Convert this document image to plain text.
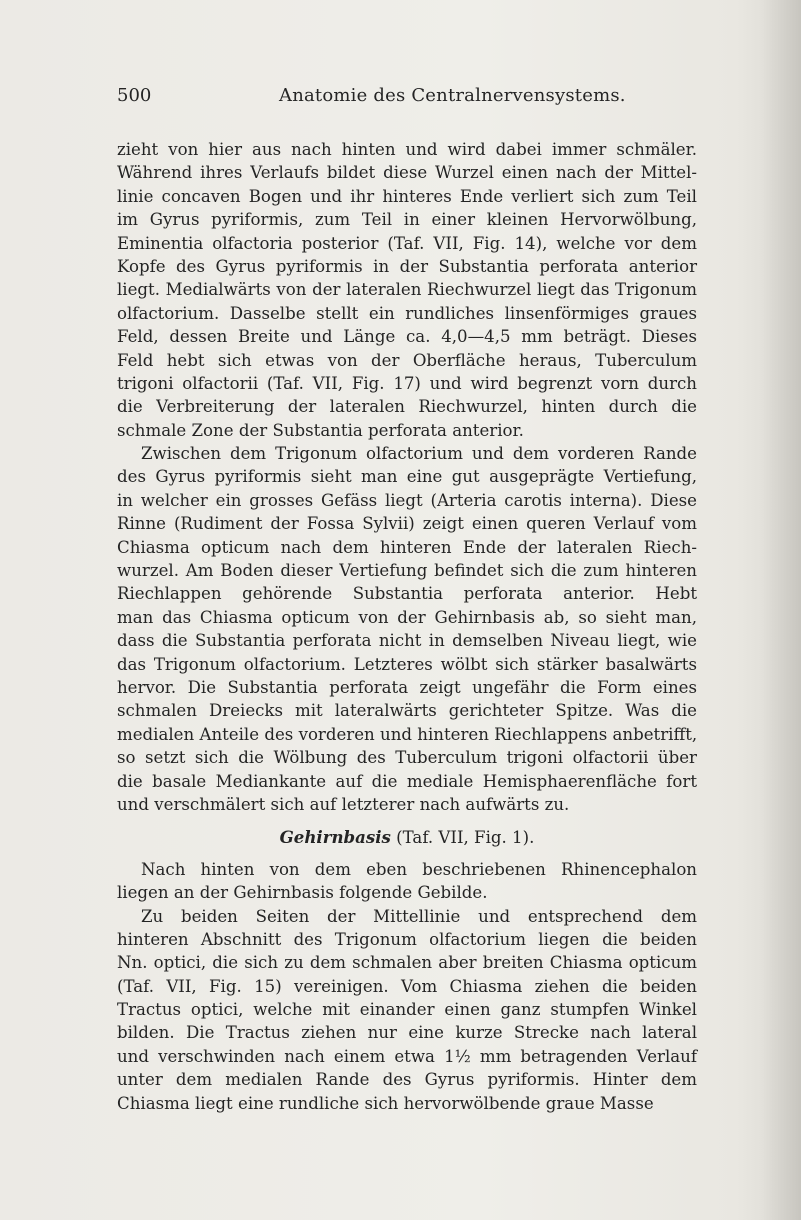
500	Anatomie des Centralnervensystems.
zieht von hier aus nach hinten und wird dabei immer schmäler.
Während ihres Verlaufs bildet diese Wurzel einen nach der Mittel-
linie concaven Bogen und ihr hinteres Ende verliert sich zum Teil
im Gyrus pyriformis, zum Teil in einer kleinen Hervorwölbung,
Eminentia olfactoria posterior (Taf. VII, Fig. 14), welche vor dem
Kopfe des Gyrus pyriformis in der Substantia perforata anterior
liegt. Medialwärts von der lateralen Riechwurzel liegt das Trigonum
olfactorium. Dasselbe stellt ein rundliches linsenförmiges graues
Feld, dessen Breite und Länge ca. 4,0—4,5 mm beträgt. Dieses
Feld hebt sich etwas von der Oberfläche heraus, Tuberculum
trigoni olfactorii (Taf. VII, Fig. 17) und wird begrenzt vorn durch
die Verbreiterung der lateralen Riechwurzel, hinten durch die
schmale Zone der Substantia perforata anterior.
Zwischen dem Trigonum olfactorium und dem vorderen Rande
des Gyrus pyriformis sieht man eine gut ausgeprägte Vertiefung,
in welcher ein grosses Gefäss liegt (Arteria carotis interna). Diese
Rinne (Rudiment der Fossa Sylvii) zeigt einen queren Verlauf vom
Chiasma opticum nach dem hinteren Ende der lateralen Riech-
wurzel. Am Boden dieser Vertiefung befindet sich die zum hinteren
Riechlappen gehörende Substantia perforata anterior. Hebt
man das Chiasma opticum von der Gehirnbasis ab, so sieht man,
dass die Substantia perforata nicht in demselben Niveau liegt, wie
das Trigonum olfactorium. Letzteres wölbt sich stärker basalwärts
hervor. Die Substantia perforata zeigt ungefähr die Form eines
schmalen Dreiecks mit lateralwärts gerichteter Spitze. Was die
medialen Anteile des vorderen und hinteren Riechlappens anbetrifft,
so setzt sich die Wölbung des Tuberculum trigoni olfactorii über
die basale Mediankante auf die mediale Hemisphaerenfläche fort
und verschmälert sich auf letzterer nach aufwärts zu.
Gehirnbasis (Taf. VII, Fig. 1).
Nach hinten von dem eben beschriebenen Rhinencephalon
liegen an der Gehirnbasis folgende Gebilde.
Zu beiden Seiten der Mittellinie und entsprechend dem
hinteren Abschnitt des Trigonum olfactorium liegen die beiden
Nn. optici, die sich zu dem schmalen aber breiten Chiasma opticum
(Taf. VII, Fig. 15) vereinigen. Vom Chiasma ziehen die beiden
Tractus optici, welche mit einander einen ganz stumpfen Winkel
bilden. Die Tractus ziehen nur eine kurze Strecke nach lateral
und verschwinden nach einem etwa 1½ mm betragenden Verlauf
unter dem medialen Rande des Gyrus pyriformis. Hinter dem
Chiasma liegt eine rundliche sich hervorwölbende graue Masse
